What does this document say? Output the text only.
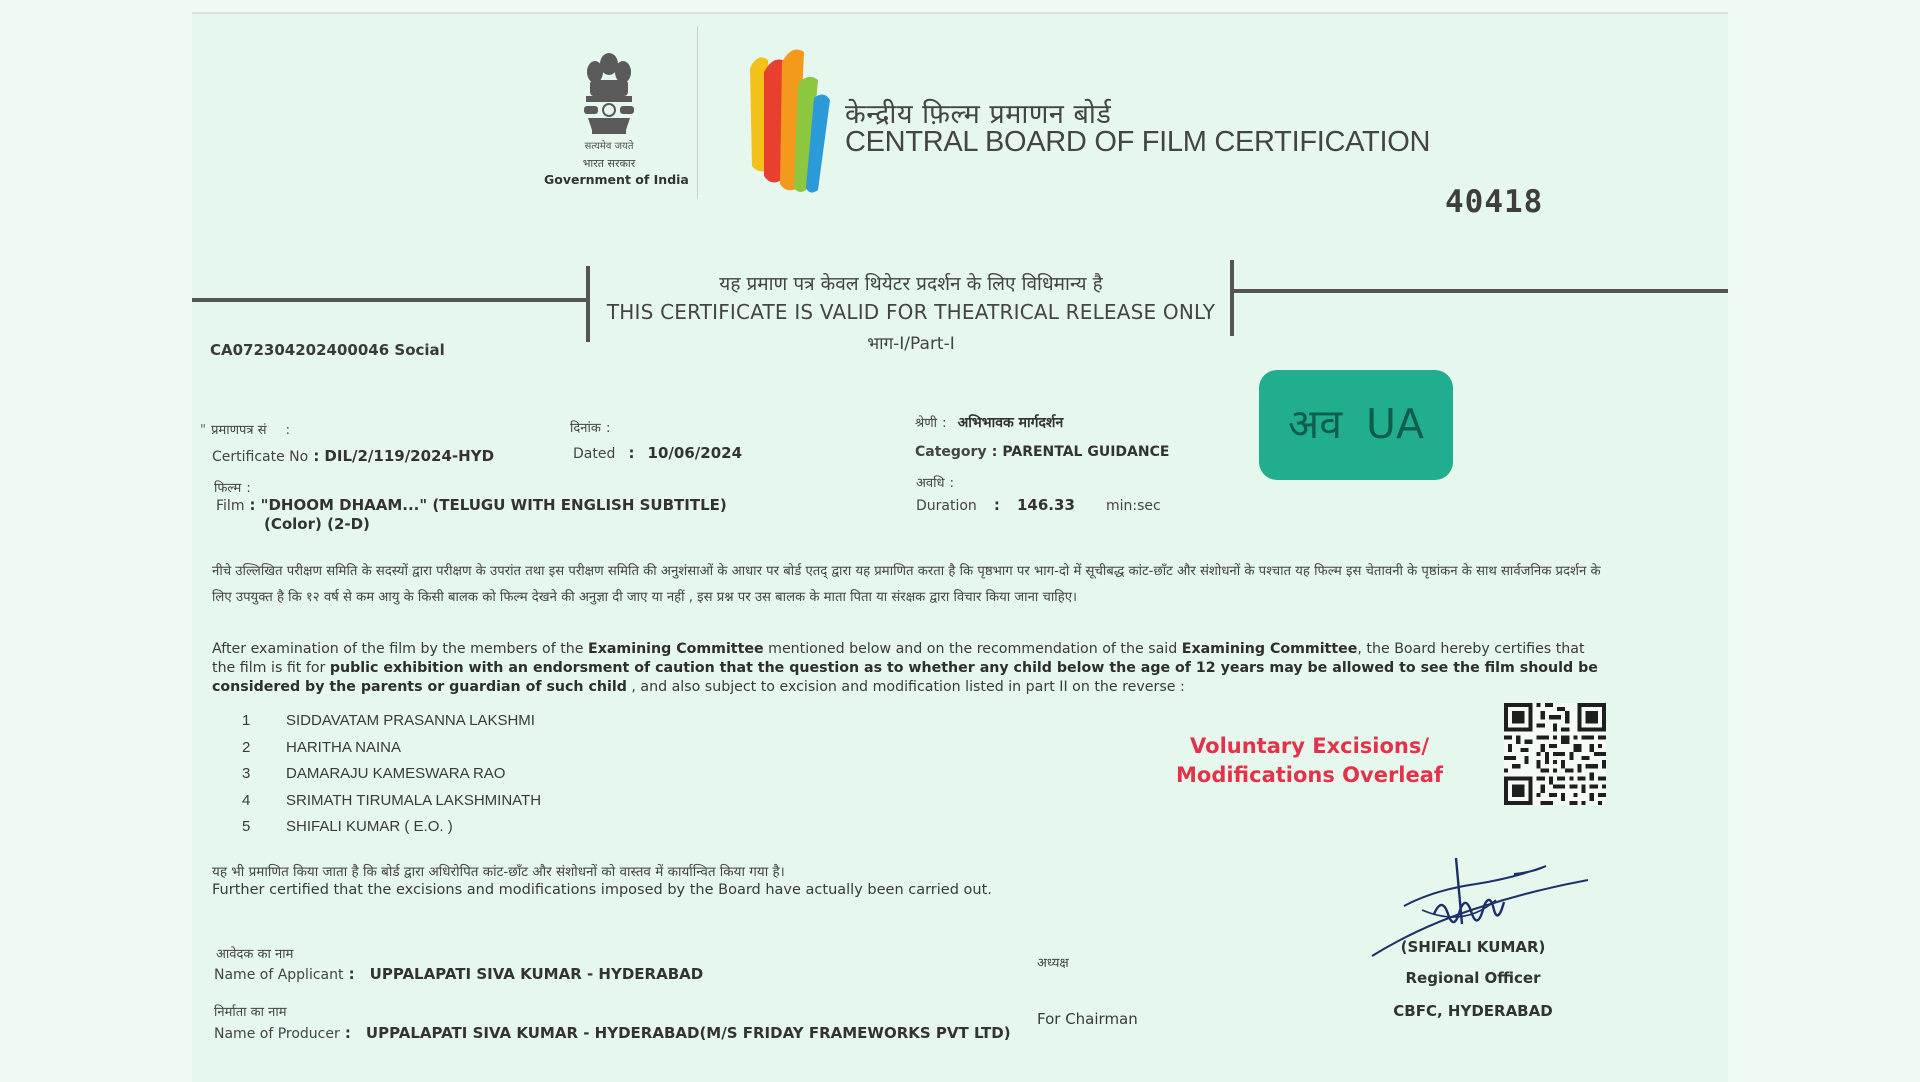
सत्यमेव जयते
भारत सरकार
Government of India
केन्द्रीय फ़िल्म प्रमाणन बोर्ड
CENTRAL BOARD OF FILM CERTIFICATION
40418
यह प्रमाण पत्र केवल थियेटर प्रदर्शन के लिए विधिमान्य है
THIS CERTIFICATE IS VALID FOR THEATRICAL RELEASE ONLY
भाग-I/Part-I
CA072304202400046 Social
" प्रमाणपत्र सं :
Certificate No : DIL/2/119/2024-HYD
दिनांक :
Dated : 10/06/2024
श्रेणी : अभिभावक मार्गदर्शन
Category : PARENTAL GUIDANCE
अव UA
फिल्म :
Film : "DHOOM DHAAM..." (TELUGU WITH ENGLISH SUBTITLE)
(Color) (2-D)
अवधि :
Duration : 146.33 min:sec
नीचे उल्लिखित परीक्षण समिति के सदस्यों द्वारा परीक्षण के उपरांत तथा इस परीक्षण समिति की अनुशंसाओं के आधार पर बोर्ड एतद् द्वारा यह प्रमाणित करता है कि पृष्ठभाग पर भाग-दो में सूचीबद्ध कांट-छाँट और संशोधनों के पश्चात यह फिल्म इस चेतावनी के पृष्ठांकन के साथ सार्वजनिक प्रदर्शन के लिए उपयुक्त है कि १२ वर्ष से कम आयु के किसी बालक को फिल्म देखने की अनुज्ञा दी जाए या नहीं , इस प्रश्न पर उस बालक के माता पिता या संरक्षक द्वारा विचार किया जाना चाहिए।
After examination of the film by the members of the Examining Committee mentioned below and on the recommendation of the said Examining Committee, the Board hereby certifies that the film is fit for public exhibition with an endorsment of caution that the question as to whether any child below the age of 12 years may be allowed to see the film should be considered by the parents or guardian of such child , and also subject to excision and modification listed in part II on the reverse :
1 SIDDAVATAM PRASANNA LAKSHMI
2 HARITHA NAINA
3 DAMARAJU KAMESWARA RAO
4 SRIMATH TIRUMALA LAKSHMINATH
5 SHIFALI KUMAR ( E.O. )
Voluntary Excisions/
Modifications Overleaf
यह भी प्रमाणित किया जाता है कि बोर्ड द्वारा अधिरोपित कांट-छाँट और संशोधनों को वास्तव में कार्यान्वित किया गया है।
Further certified that the excisions and modifications imposed by the Board have actually been carried out.
आवेदक का नाम
Name of Applicant : UPPALAPATI SIVA KUMAR - HYDERABAD
निर्माता का नाम
Name of Producer : UPPALAPATI SIVA KUMAR - HYDERABAD(M/S FRIDAY FRAMEWORKS PVT LTD)
अध्यक्ष
For Chairman
(SHIFALI KUMAR)
Regional Officer
CBFC, HYDERABAD
